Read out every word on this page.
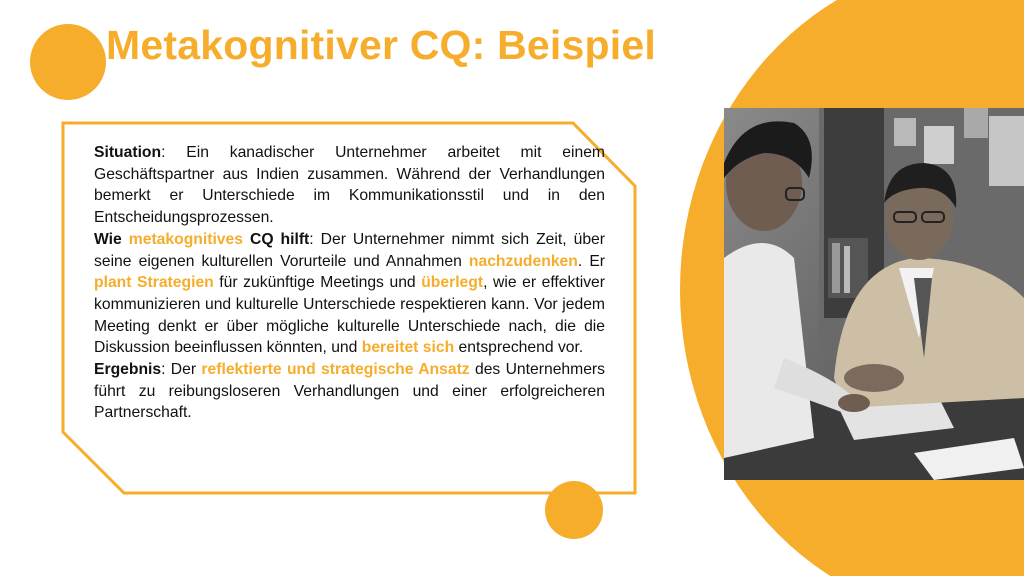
Metakognitiver CQ: Beispiel

Situation: Ein kanadischer Unternehmer arbeitet mit einem Geschäftspartner aus Indien zusammen. Während der Verhandlungen bemerkt er Unterschiede im Kommunikationsstil und in den Entscheidungsprozessen.

Wie metakognitives CQ hilft: Der Unternehmer nimmt sich Zeit, über seine eigenen kulturellen Vorurteile und Annahmen nachzudenken. Er plant Strategien für zukünftige Meetings und überlegt, wie er effektiver kommunizieren und kulturelle Unterschiede respektieren kann. Vor jedem Meeting denkt er über mögliche kulturelle Unterschiede nach, die die Diskussion beeinflussen könnten, und bereitet sich entsprechend vor.

Ergebnis: Der reflektierte und strategische Ansatz des Unternehmers führt zu reibungsloseren Verhandlungen und einer erfolgreicheren Partnerschaft.
